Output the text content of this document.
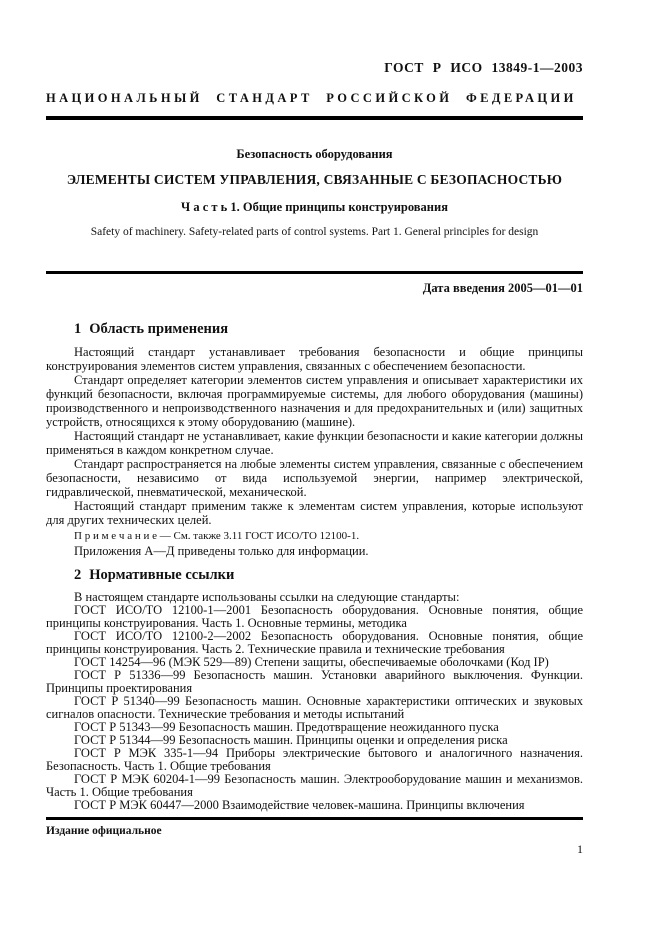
ГОСТ Р ИСО 13849-1—2003
НАЦИОНАЛЬНЫЙ СТАНДАРТ РОССИЙСКОЙ ФЕДЕРАЦИИ
Безопасность оборудования
ЭЛЕМЕНТЫ СИСТЕМ УПРАВЛЕНИЯ, СВЯЗАННЫЕ С БЕЗОПАСНОСТЬЮ
Ч а с т ь 1. Общие принципы конструирования
Safety of machinery. Safety-related parts of control systems. Part 1. General principles for design
Дата введения 2005—01—01
1 Область применения

Настоящий стандарт устанавливает требования безопасности и общие принципы конструирования элементов систем управления, связанных с обеспечением безопасности.

Стандарт определяет категории элементов систем управления и описывает характеристики их функций безопасности, включая программируемые системы, для любого оборудования (машины) производственного и непроизводственного назначения и для предохранительных и (или) защитных устройств, относящихся к этому оборудованию (машине).

Настоящий стандарт не устанавливает, какие функции безопасности и какие категории должны применяться в каждом конкретном случае.

Стандарт распространяется на любые элементы систем управления, связанные с обеспечением безопасности, независимо от вида используемой энергии, например электрической, гидравлической, пневматической, механической.

Настоящий стандарт применим также к элементам систем управления, которые используют для других технических целей.

П р и м е ч а н и е — См. также 3.11 ГОСТ ИСО/ТО 12100-1.

Приложения А—Д приведены только для информации.

2 Нормативные ссылки

В настоящем стандарте использованы ссылки на следующие стандарты:

ГОСТ ИСО/ТО 12100-1—2001 Безопасность оборудования. Основные понятия, общие принципы конструирования. Часть 1. Основные термины, методика

ГОСТ ИСО/ТО 12100-2—2002 Безопасность оборудования. Основные понятия, общие принципы конструирования. Часть 2. Технические правила и технические требования

ГОСТ 14254—96 (МЭК 529—89) Степени защиты, обеспечиваемые оболочками (Код IP)

ГОСТ Р 51336—99 Безопасность машин. Установки аварийного выключения. Функции. Принципы проектирования

ГОСТ Р 51340—99 Безопасность машин. Основные характеристики оптических и звуковых сигналов опасности. Технические требования и методы испытаний

ГОСТ Р 51343—99 Безопасность машин. Предотвращение неожиданного пуска

ГОСТ Р 51344—99 Безопасность машин. Принципы оценки и определения риска

ГОСТ Р МЭК 335-1—94 Приборы электрические бытового и аналогичного назначения. Безопасность. Часть 1. Общие требования

ГОСТ Р МЭК 60204-1—99 Безопасность машин. Электрооборудование машин и механизмов. Часть 1. Общие требования

ГОСТ Р МЭК 60447—2000 Взаимодействие человек-машина. Принципы включения

Издание официальное
1
